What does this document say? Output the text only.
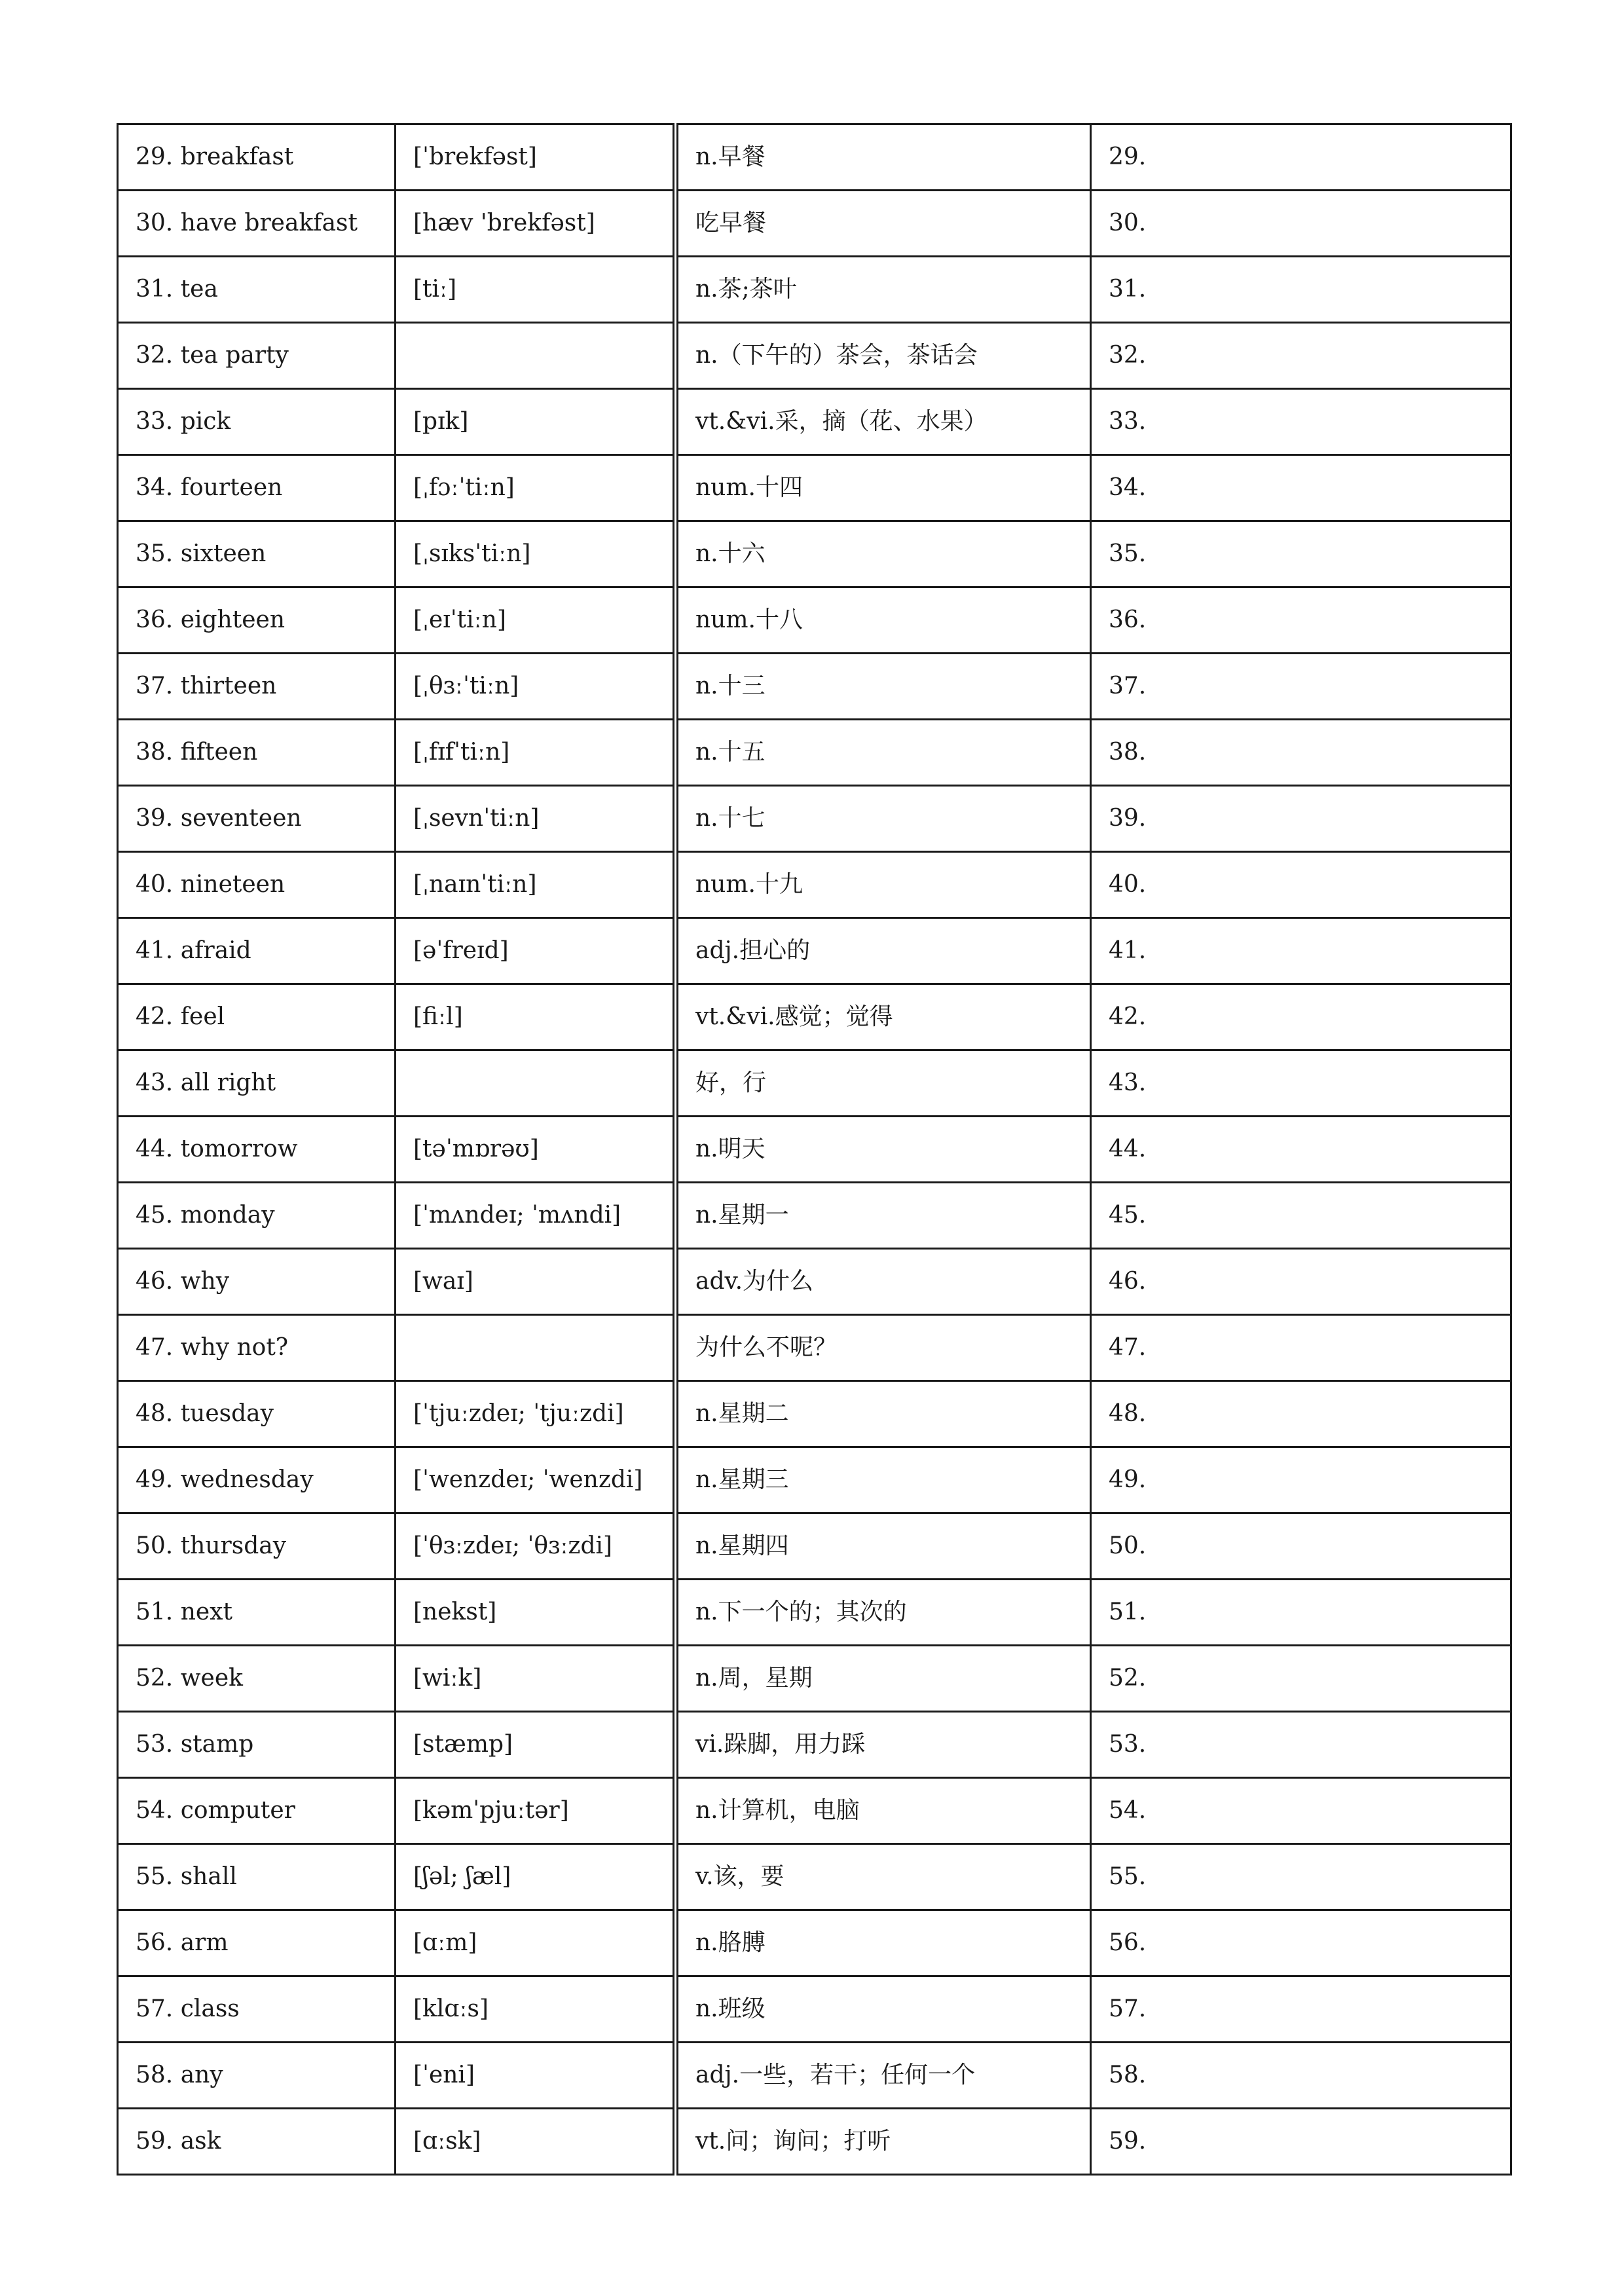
29. breakfast	[ˈbrekfəst]	n.早餐	29.
30. have breakfast	[hæv 'brekfəst]	吃早餐	30.
31. tea	[tiː]	n.茶;茶叶	31.
32. tea party		n.（下午的）茶会，茶话会	32.
33. pick	[pɪk]	vt.&vi.采，摘（花、水果）	33.
34. fourteen	[ˌfɔːˈtiːn]	num.十四	34.
35. sixteen	[ˌsɪksˈtiːn]	n.十六	35.
36. eighteen	[ˌeɪˈtiːn]	num.十八	36.
37. thirteen	[ˌθɜːˈtiːn]	n.十三	37.
38. fifteen	[ˌfɪfˈtiːn]	n.十五	38.
39. seventeen	[ˌsevnˈtiːn]	n.十七	39.
40. nineteen	[ˌnaɪnˈtiːn]	num.十九	40.
41. afraid	[əˈfreɪd]	adj.担心的	41.
42. feel	[fiːl]	vt.&vi.感觉；觉得	42.
43. all right		好，行	43.
44. tomorrow	[təˈmɒrəʊ]	n.明天	44.
45. monday	[ˈmʌndeɪ; ˈmʌndi]	n.星期一	45.
46. why	[waɪ]	adv.为什么	46.
47. why not?		为什么不呢？	47.
48. tuesday	[ˈtjuːzdeɪ; ˈtjuːzdi]	n.星期二	48.
49. wednesday	[ˈwenzdeɪ; ˈwenzdi]	n.星期三	49.
50. thursday	[ˈθɜːzdeɪ; ˈθɜːzdi]	n.星期四	50.
51. next	[nekst]	n.下一个的；其次的	51.
52. week	[wiːk]	n.周，星期	52.
53. stamp	[stæmp]	vi.跺脚，用力踩	53.
54. computer	[kəmˈpjuːtər]	n.计算机，电脑	54.
55. shall	[ʃəl; ʃæl]	v.该，要	55.
56. arm	[ɑːm]	n.胳膊	56.
57. class	[klɑːs]	n.班级	57.
58. any	[ˈeni]	adj.一些，若干；任何一个	58.
59. ask	[ɑːsk]	vt.问；询问；打听	59.
